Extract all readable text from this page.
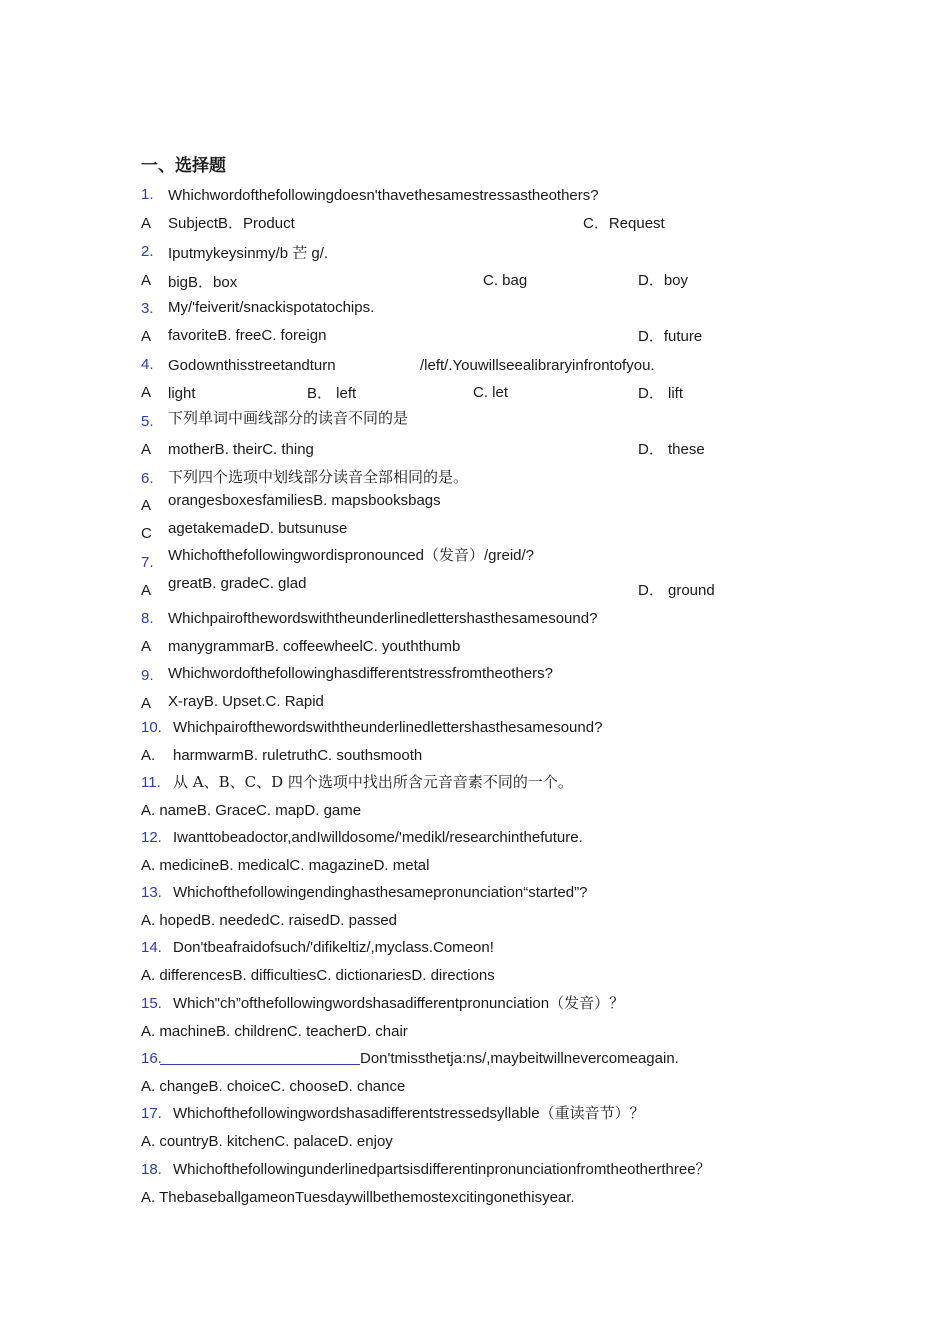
一、选择题
1. Whichwordofthefollowingdoesn'thavethesamestressastheothers?
A SubjectB．Product	C．Request
2. Iputmykeysinmy/b 芒 g/.
A bigB．box	C. bag	D．boy
3. My/'feiverit/snackispotatochips.
A favoriteB. freeC. foreign	D．future
4. Godownthisstreetandturn	/left/.Youwillseealibraryinfrontofyou.
A light	B． left	C. let	D． lift
5. 下列单词中画线部分的读音不同的是
A motherB. theirC. thing	D． these
6. 下列四个选项中划线部分读音全部相同的是。
A orangesboxesfamiliesB. mapsbooksbags
C agetakemadeD. butsunuse
7. Whichofthefollowingwordispronounced（发音）/greid/?
A greatB. gradeC. glad	D． ground
8. Whichpairofthewordswiththeunderlinedlettershasthesamesound?
A manygrammarB. coffeewheelC. youththumb
9. Whichwordofthefollowinghasdifferentstressfromtheothers?
A X-rayB. Upset.C. Rapid
10. Whichpairofthewordswiththeunderlinedlettershasthesamesound?
A. harmwarmB. ruletruthC. southsmooth
11. 从 A、B、C、D 四个选项中找出所含元音音素不同的一个。
A. nameB. GraceC. mapD. game
12. Iwanttobeadoctor,andIwilldosome/'medikl/researchinthefuture.
A. medicineB. medicalC. magazineD. metal
13. Whichofthefollowingendinghasthesamepronunciation“started”?
A. hopedB. neededC. raisedD. passed
14. Don'tbeafraidofsuch/'difikeltiz/,myclass.Comeon!
A. differencesB. difficultiesC. dictionariesD. directions
15. Which"ch”ofthefollowingwordshasadifferentpronunciation（发音）？
A. machineB. childrenC. teacherD. chair
16.	Don'tmissthetja:ns/,maybeitwillnevercomeagain.
A. changeB. choiceC. chooseD. chance
17. Whichofthefollowingwordshasadifferentstressedsyllable（重读音节）？
A. countryB. kitchenC. palaceD. enjoy
18. Whichofthefollowingunderlinedpartsisdifferentinpronunciationfromtheotherthree？
A. ThebaseballgameonTuesdaywillbethemostexcitingonethisyear.
